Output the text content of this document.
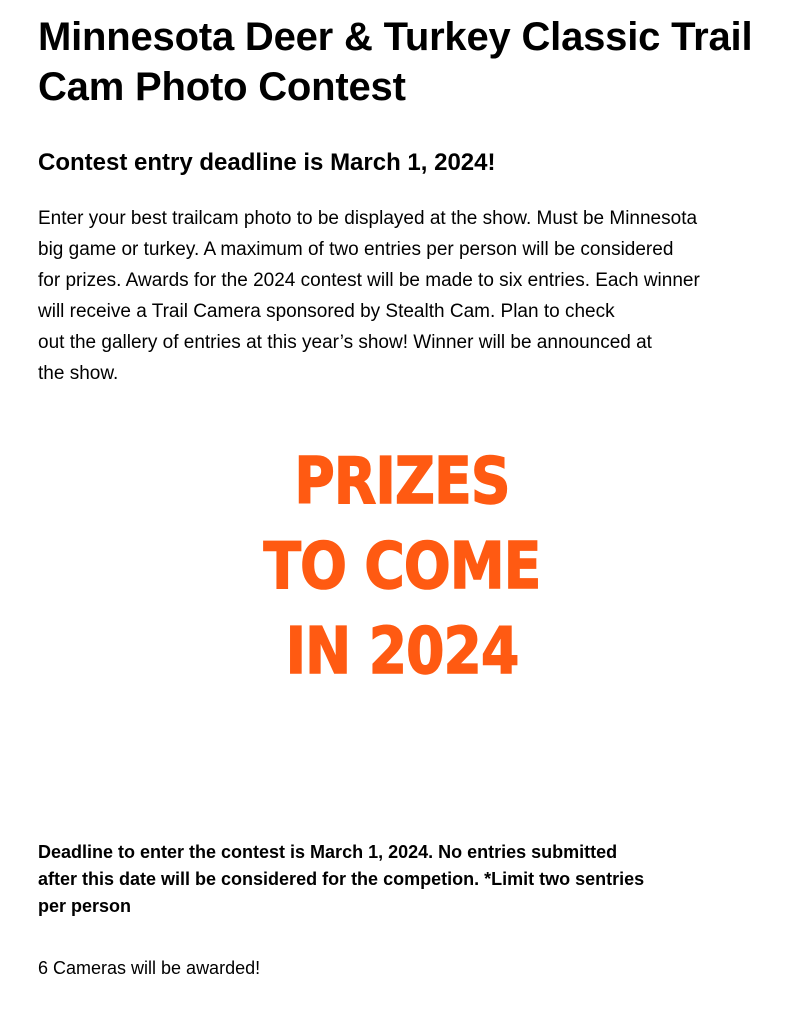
Minnesota Deer & Turkey Classic Trail
Cam Photo Contest
Contest entry deadline is March 1, 2024!

Enter your best trailcam photo to be displayed at the show. Must be Minnesota
big game or turkey. A maximum of two entries per person will be considered
for prizes. Awards for the 2024 contest will be made to six entries. Each winner
will receive a Trail Camera sponsored by Stealth Cam. Plan to check
out the gallery of entries at this year’s show! Winner will be announced at
the show.

PRIZES
TO COME
IN 2024

Deadline to enter the contest is March 1, 2024. No entries submitted
after this date will be considered for the competion. *Limit two sentries
per person

6 Cameras will be awarded!
